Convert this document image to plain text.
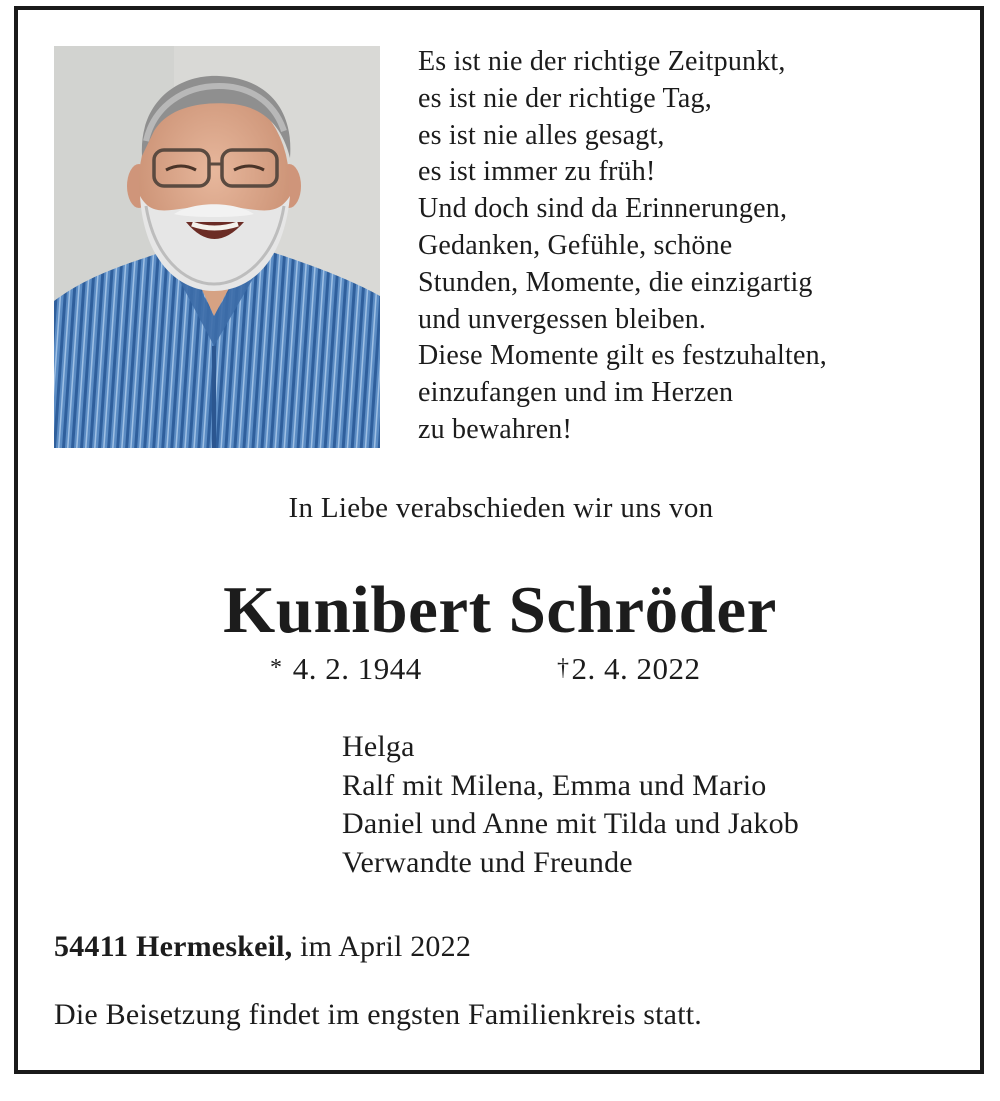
Es ist nie der richtige Zeitpunkt,
es ist nie der richtige Tag,
es ist nie alles gesagt,
es ist immer zu früh!
Und doch sind da Erinnerungen,
Gedanken, Gefühle, schöne
Stunden, Momente, die einzigartig
und unvergessen bleiben.
Diese Momente gilt es festzuhalten,
einzufangen und im Herzen
zu bewahren!
In Liebe verabschieden wir uns von
Kunibert Schröder
* 4. 2. 1944	†2. 4. 2022
Helga
Ralf mit Milena, Emma und Mario
Daniel und Anne mit Tilda und Jakob
Verwandte und Freunde
54411 Hermeskeil, im April 2022
Die Beisetzung findet im engsten Familienkreis statt.
